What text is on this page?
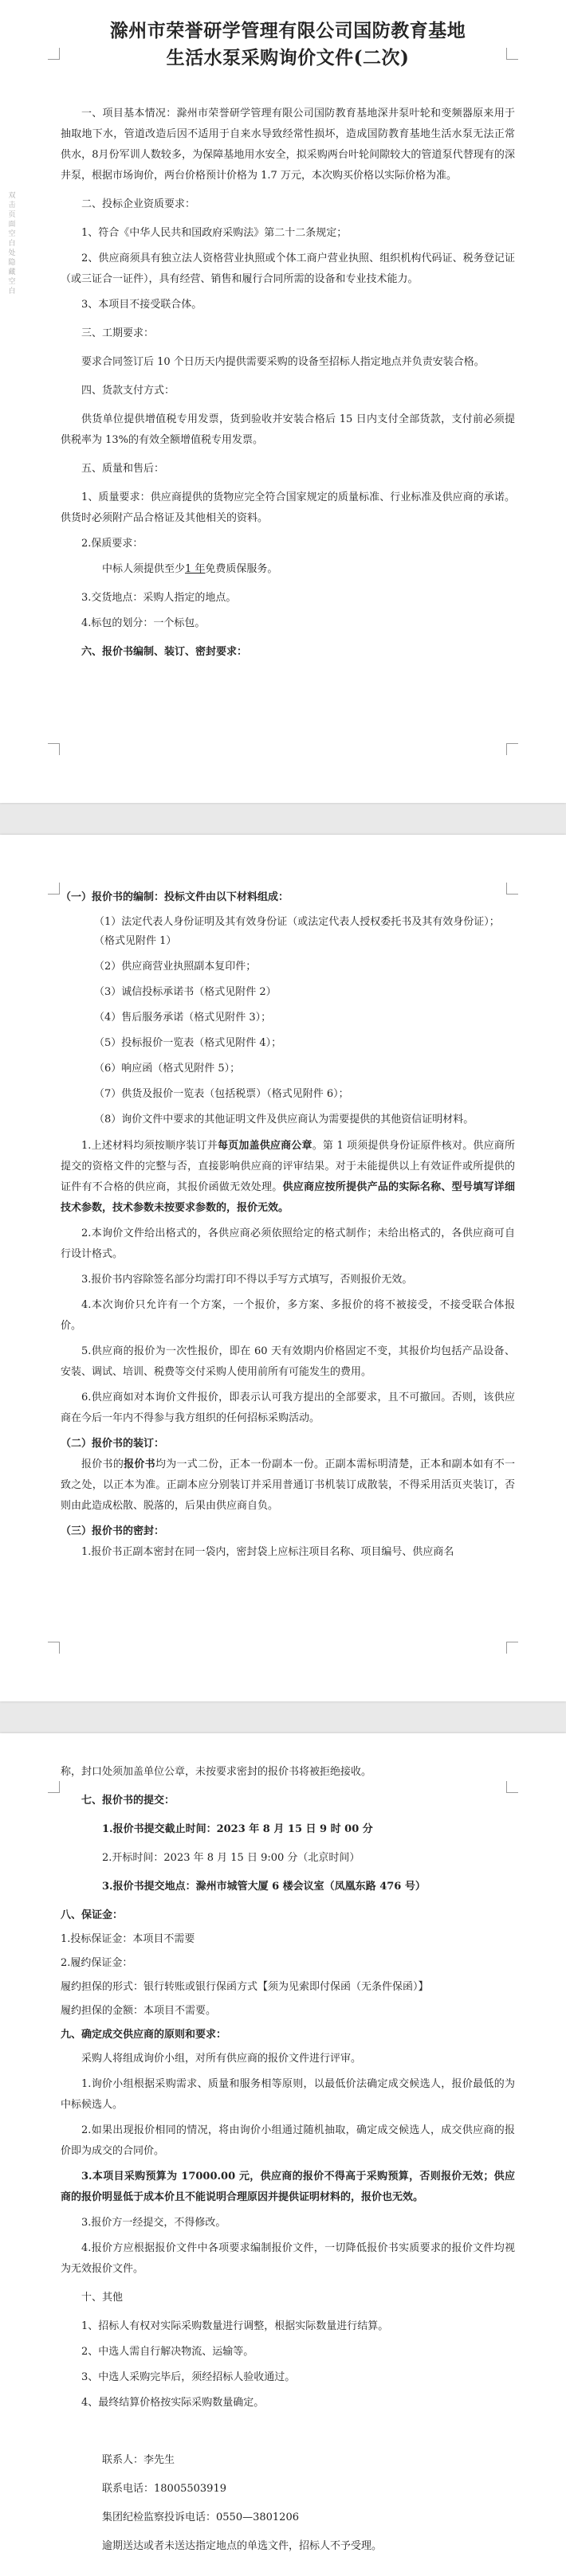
双击页面空白处隐藏空白
滁州市荣誉研学管理有限公司国防教育基地
生活水泵采购询价文件(二次)

一、项目基本情况：滁州市荣誉研学管理有限公司国防教育基地深井泵叶轮和变频器原来用于抽取地下水，管道改造后因不适用于自来水导致经常性损坏，造成国防教育基地生活水泵无法正常供水，8月份军训人数较多，为保障基地用水安全，拟采购两台叶轮间隙较大的管道泵代替现有的深井泵，根据市场询价，两台价格预计价格为 1.7 万元，本次购买价格以实际价格为准。

二、投标企业资质要求：

1、符合《中华人民共和国政府采购法》第二十二条规定；

2、供应商须具有独立法人资格营业执照或个体工商户营业执照、组织机构代码证、税务登记证（或三证合一证件），具有经营、销售和履行合同所需的设备和专业技术能力。

3、本项目不接受联合体。

三、工期要求：

要求合同签订后 10 个日历天内提供需要采购的设备至招标人指定地点并负责安装合格。

四、货款支付方式：

供货单位提供增值税专用发票，货到验收并安装合格后 15 日内支付全部货款，支付前必须提供税率为 13%的有效全额增值税专用发票。

五、质量和售后：

1、质量要求：供应商提供的货物应完全符合国家规定的质量标准、行业标准及供应商的承诺。供货时必须附产品合格证及其他相关的资料。

2.保质要求：

中标人须提供至少1 年免费质保服务。

3.交货地点：采购人指定的地点。

4.标包的划分：一个标包。

六、报价书编制、装订、密封要求：

（一）报价书的编制：投标文件由以下材料组成：

（1）法定代表人身份证明及其有效身份证（或法定代表人授权委托书及其有效身份证）；（格式见附件 1）

（2）供应商营业执照副本复印件；

（3）诚信投标承诺书（格式见附件 2）

（4）售后服务承诺（格式见附件 3）；

（5）投标报价一览表（格式见附件 4）；

（6）响应函（格式见附件 5）；

（7）供货及报价一览表（包括税票）（格式见附件 6）；

（8）询价文件中要求的其他证明文件及供应商认为需要提供的其他资信证明材料。

1.上述材料均须按顺序装订并每页加盖供应商公章。第 1 项须提供身份证原件核对。供应商所提交的资格文件的完整与否，直接影响供应商的评审结果。对于未能提供以上有效证件或所提供的证件有不合格的供应商，其报价函做无效处理。供应商应按所提供产品的实际名称、型号填写详细技术参数，技术参数未按要求参数的，报价无效。

2.本询价文件给出格式的，各供应商必须依照给定的格式制作；未给出格式的，各供应商可自行设计格式。

3.报价书内容除签名部分均需打印不得以手写方式填写，否则报价无效。

4.本次询价只允许有一个方案，一个报价，多方案、多报价的将不被接受，不接受联合体报价。

5.供应商的报价为一次性报价，即在 60 天有效期内价格固定不变，其报价均包括产品设备、安装、调试、培训、税费等交付采购人使用前所有可能发生的费用。

6.供应商如对本询价文件报价，即表示认可我方提出的全部要求，且不可撤回。否则，该供应商在今后一年内不得参与我方组织的任何招标采购活动。

（二）报价书的装订：

报价书的报价书均为一式二份，正本一份副本一份。正副本需标明清楚，正本和副本如有不一致之处，以正本为准。正副本应分别装订并采用普通订书机装订成散装，不得采用活页夹装订，否则由此造成松散、脱落的，后果由供应商自负。

（三）报价书的密封：

1.报价书正副本密封在同一袋内，密封袋上应标注项目名称、项目编号、供应商名

称，封口处须加盖单位公章，未按要求密封的报价书将被拒绝接收。

七、报价书的提交：

1.报价书提交截止时间：2023 年 8 月 15 日 9 时 00 分

2.开标时间：2023 年 8 月 15 日 9:00 分（北京时间）

3.报价书提交地点：滁州市城管大厦 6 楼会议室（凤凰东路 476 号）

八、保证金：

1.投标保证金：本项目不需要

2.履约保证金：

履约担保的形式：银行转账或银行保函方式【须为见索即付保函（无条件保函）】

履约担保的金额：本项目不需要。

九、确定成交供应商的原则和要求：

采购人将组成询价小组，对所有供应商的报价文件进行评审。

1.询价小组根据采购需求、质量和服务相等原则，以最低价法确定成交候选人，报价最低的为中标候选人。

2.如果出现报价相同的情况，将由询价小组通过随机抽取，确定成交候选人，成交供应商的报价即为成交的合同价。

3.本项目采购预算为 17000.00 元，供应商的报价不得高于采购预算，否则报价无效；供应商的报价明显低于成本价且不能说明合理原因并提供证明材料的，报价也无效。

3.报价方一经提交，不得修改。

4.报价方应根据报价文件中各项要求编制报价文件，一切降低报价书实质要求的报价文件均视为无效报价文件。

十、其他

1、招标人有权对实际采购数量进行调整，根据实际数量进行结算。

2、中选人需自行解决物流、运输等。

3、中选人采购完毕后，须经招标人验收通过。

4、最终结算价格按实际采购数量确定。

联系人：李先生

联系电话：18005503919

集团纪检监察投诉电话：0550—3801206

逾期送达或者未送达指定地点的单选文件，招标人不予受理。
